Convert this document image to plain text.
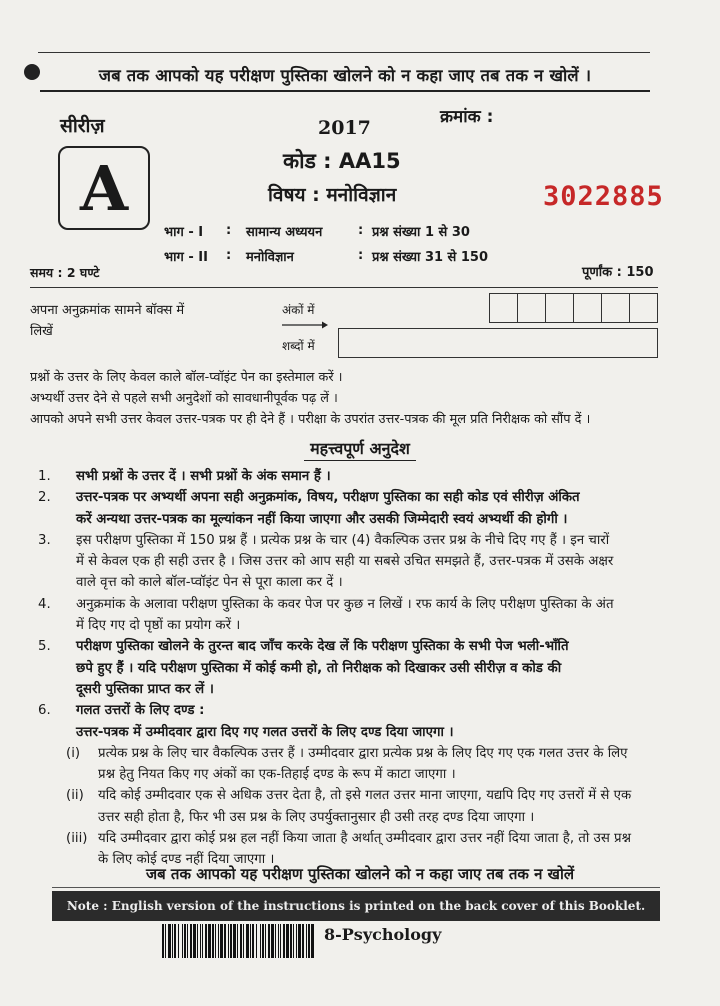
जब तक आपको यह परीक्षण पुस्तिका खोलने को न कहा जाए तब तक न खोलें ।
सीरीज़	2017	क्रमांक :
A	कोड : AA15
विषय : मनोविज्ञान	3022885
भाग - I	:	सामान्य अध्ययन	: प्रश्न संख्या 1 से 30
भाग - II	:	मनोविज्ञान	: प्रश्न संख्या 31 से 150
समय : 2 घण्टे	पूर्णांक : 150
अपना अनुक्रमांक सामने बॉक्स में
लिखें
अंकों में
शब्दों में
प्रश्नों के उत्तर के लिए केवल काले बॉल-प्वॉइंट पेन का इस्तेमाल करें ।
अभ्यर्थी उत्तर देने से पहले सभी अनुदेशों को सावधानीपूर्वक पढ़ लें ।
आपको अपने सभी उत्तर केवल उत्तर-पत्रक पर ही देने हैं । परीक्षा के उपरांत उत्तर-पत्रक की मूल प्रति निरीक्षक को सौंप दें ।
महत्त्वपूर्ण अनुदेश
1.	सभी प्रश्नों के उत्तर दें । सभी प्रश्नों के अंक समान हैं ।
2.	उत्तर-पत्रक पर अभ्यर्थी अपना सही अनुक्रमांक, विषय, परीक्षण पुस्तिका का सही कोड एवं सीरीज़ अंकित
करें अन्यथा उत्तर-पत्रक का मूल्यांकन नहीं किया जाएगा और उसकी जिम्मेदारी स्वयं अभ्यर्थी की होगी ।
3.	इस परीक्षण पुस्तिका में 150 प्रश्न हैं । प्रत्येक प्रश्न के चार (4) वैकल्पिक उत्तर प्रश्न के नीचे दिए गए हैं । इन चारों
में से केवल एक ही सही उत्तर है । जिस उत्तर को आप सही या सबसे उचित समझते हैं, उत्तर-पत्रक में उसके अक्षर
वाले वृत्त को काले बॉल-प्वॉइंट पेन से पूरा काला कर दें ।
4.	अनुक्रमांक के अलावा परीक्षण पुस्तिका के कवर पेज पर कुछ न लिखें । रफ कार्य के लिए परीक्षण पुस्तिका के अंत
में दिए गए दो पृष्ठों का प्रयोग करें ।
5.	परीक्षण पुस्तिका खोलने के तुरन्त बाद जाँच करके देख लें कि परीक्षण पुस्तिका के सभी पेज भली-भाँति
छपे हुए हैं । यदि परीक्षण पुस्तिका में कोई कमी हो, तो निरीक्षक को दिखाकर उसी सीरीज़ व कोड की
दूसरी पुस्तिका प्राप्त कर लें ।
6.	गलत उत्तरों के लिए दण्ड :
उत्तर-पत्रक में उम्मीदवार द्वारा दिए गए गलत उत्तरों के लिए दण्ड दिया जाएगा ।
(i)	प्रत्येक प्रश्न के लिए चार वैकल्पिक उत्तर हैं । उम्मीदवार द्वारा प्रत्येक प्रश्न के लिए दिए गए एक गलत उत्तर के लिए
प्रश्न हेतु नियत किए गए अंकों का एक-तिहाई दण्ड के रूप में काटा जाएगा ।
(ii)	यदि कोई उम्मीदवार एक से अधिक उत्तर देता है, तो इसे गलत उत्तर माना जाएगा, यद्यपि दिए गए उत्तरों में से एक
उत्तर सही होता है, फिर भी उस प्रश्न के लिए उपर्युक्तानुसार ही उसी तरह दण्ड दिया जाएगा ।
(iii) यदि उम्मीदवार द्वारा कोई प्रश्न हल नहीं किया जाता है अर्थात् उम्मीदवार द्वारा उत्तर नहीं दिया जाता है, तो उस प्रश्न
के लिए कोई दण्ड नहीं दिया जाएगा ।
जब तक आपको यह परीक्षण पुस्तिका खोलने को न कहा जाए तब तक न खोलें
Note : English version of the instructions is printed on the back cover of this Booklet.
8-Psychology
